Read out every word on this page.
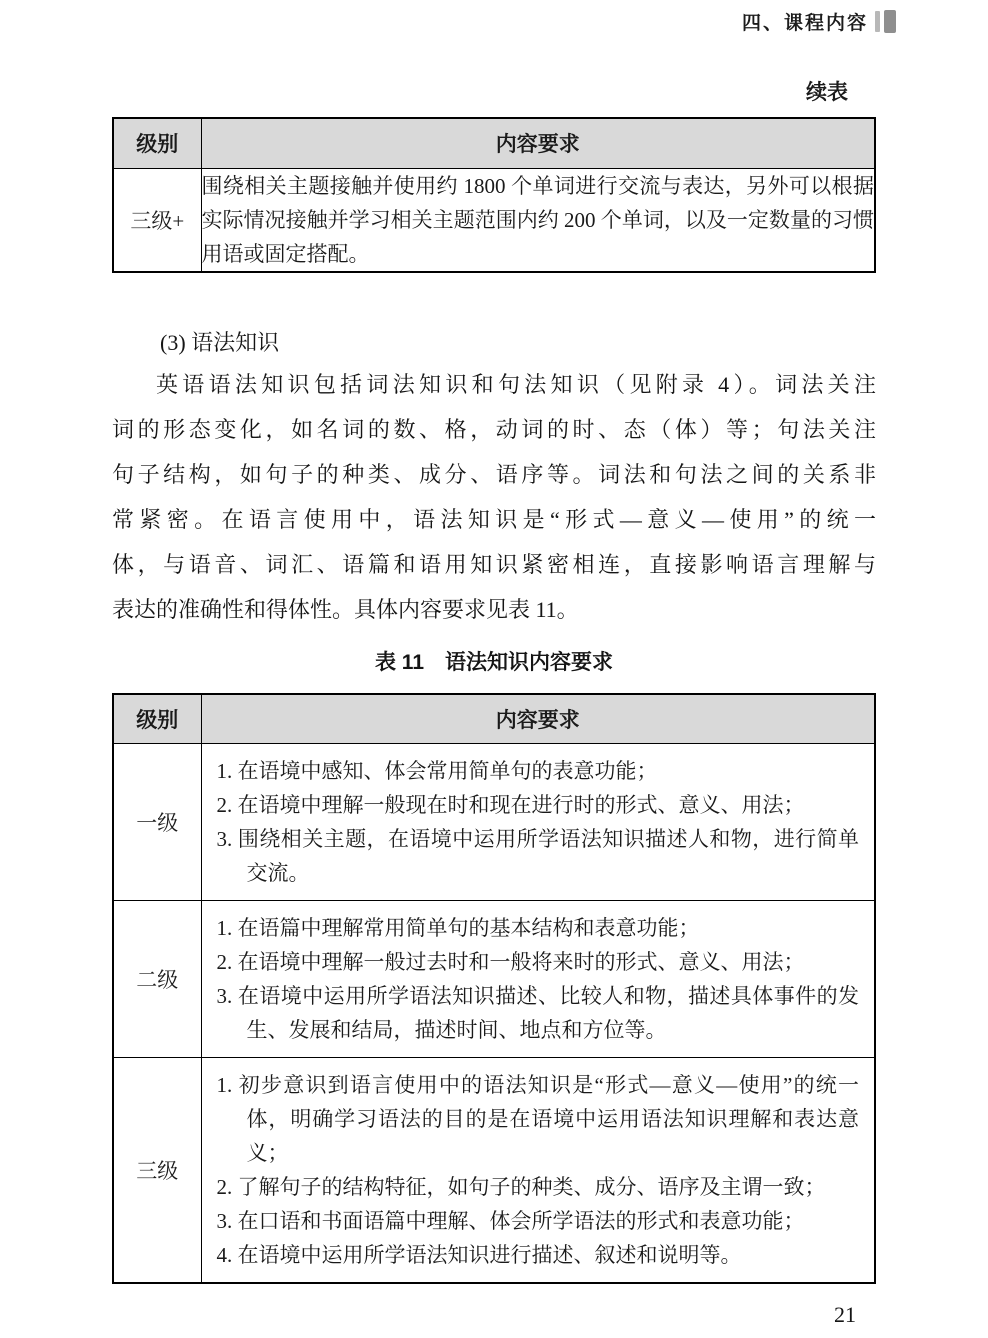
四、课程内容
续表
级别	内容要求
三级+	围绕相关主题接触并使用约 1800 个单词进行交流与表达，另外可以根据实际情况接触并学习相关主题范围内约 200 个单词，以及一定数量的习惯用语或固定搭配。
(3) 语法知识
英语语法知识包括词法知识和句法知识（见附录 4）。词法关注
词的形态变化，如名词的数、格，动词的时、态（体）等；句法关注
句子结构，如句子的种类、成分、语序等。词法和句法之间的关系非
常紧密。在语言使用中，语法知识是“形式—意义—使用”的统一
体，与语音、词汇、语篇和语用知识紧密相连，直接影响语言理解与
表达的准确性和得体性。具体内容要求见表 11。
表 11　语法知识内容要求
级别	内容要求
一级	1. 在语境中感知、体会常用简单句的表意功能；
2. 在语境中理解一般现在时和现在进行时的形式、意义、用法；
3. 围绕相关主题，在语境中运用所学语法知识描述人和物，进行简单交流。

二级	1. 在语篇中理解常用简单句的基本结构和表意功能；
2. 在语境中理解一般过去时和一般将来时的形式、意义、用法；
3. 在语境中运用所学语法知识描述、比较人和物，描述具体事件的发生、发展和结局，描述时间、地点和方位等。

三级	1. 初步意识到语言使用中的语法知识是“形式—意义—使用”的统一体，明确学习语法的目的是在语境中运用语法知识理解和表达意义；
2. 了解句子的结构特征，如句子的种类、成分、语序及主谓一致；
3. 在口语和书面语篇中理解、体会所学语法的形式和表意功能；
4. 在语境中运用所学语法知识进行描述、叙述和说明等。
21
